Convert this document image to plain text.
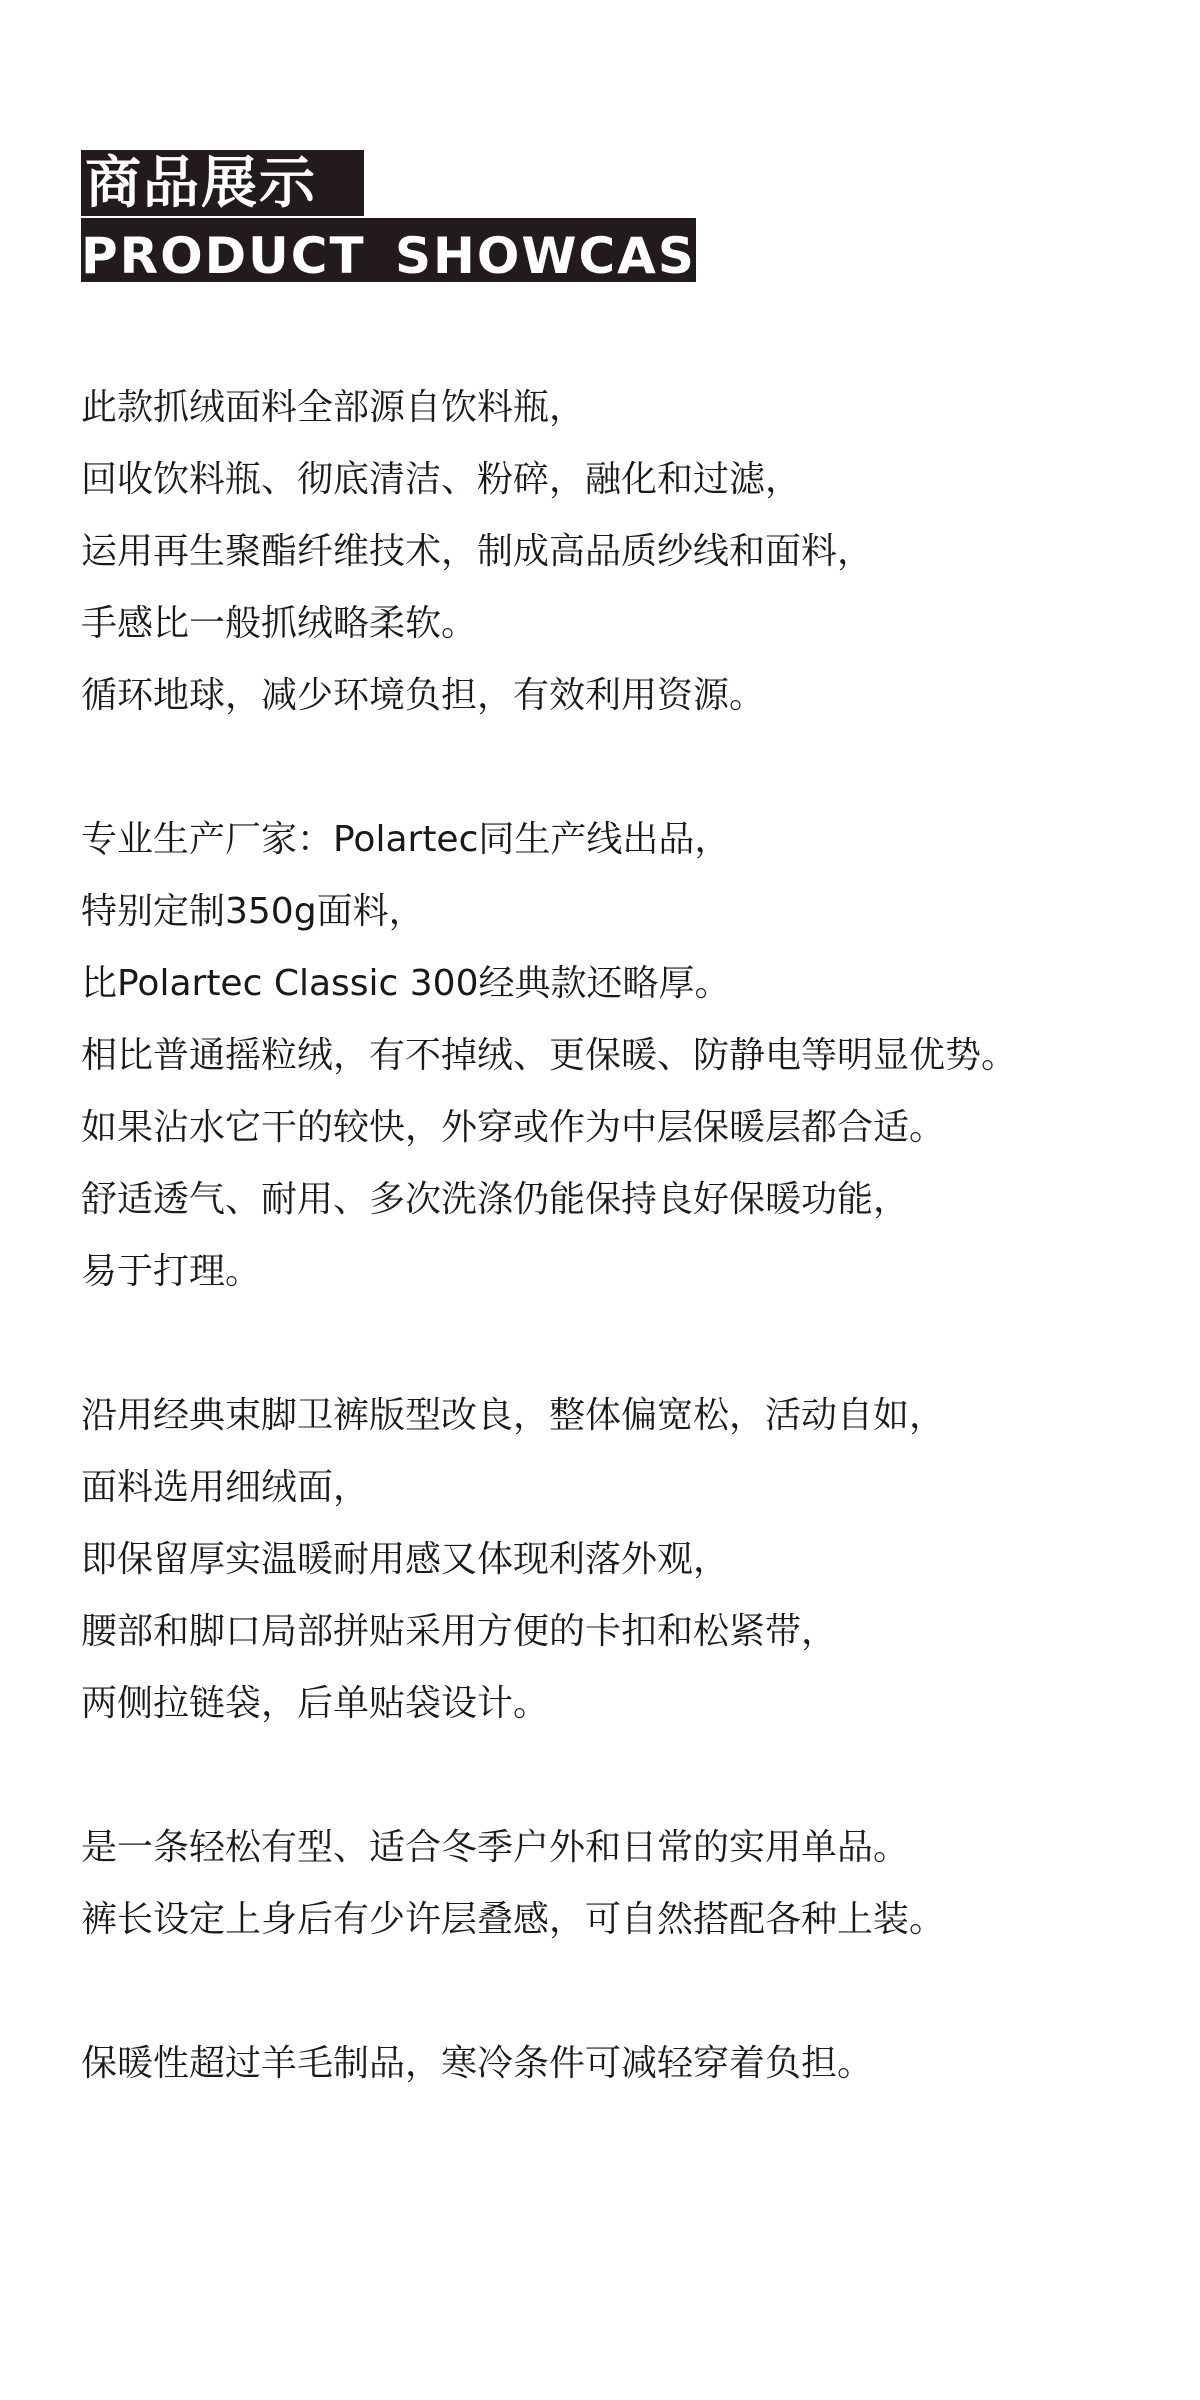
商品展示
PRODUCT SHOWCASE
此款抓绒面料全部源自饮料瓶，
回收饮料瓶、彻底清洁、粉碎，融化和过滤，
运用再生聚酯纤维技术，制成高品质纱线和面料，
手感比一般抓绒略柔软。
循环地球，减少环境负担，有效利用资源。
专业生产厂家：Polartec同生产线出品，
特别定制350g面料，
比Polartec Classic 300经典款还略厚。
相比普通摇粒绒，有不掉绒、更保暖、防静电等明显优势。
如果沾水它干的较快，外穿或作为中层保暖层都合适。
舒适透气、耐用、多次洗涤仍能保持良好保暖功能，
易于打理。
沿用经典束脚卫裤版型改良，整体偏宽松，活动自如，
面料选用细绒面，
即保留厚实温暖耐用感又体现利落外观，
腰部和脚口局部拼贴采用方便的卡扣和松紧带，
两侧拉链袋，后单贴袋设计。
是一条轻松有型、适合冬季户外和日常的实用单品。
裤长设定上身后有少许层叠感，可自然搭配各种上装。
保暖性超过羊毛制品，寒冷条件可减轻穿着负担。
